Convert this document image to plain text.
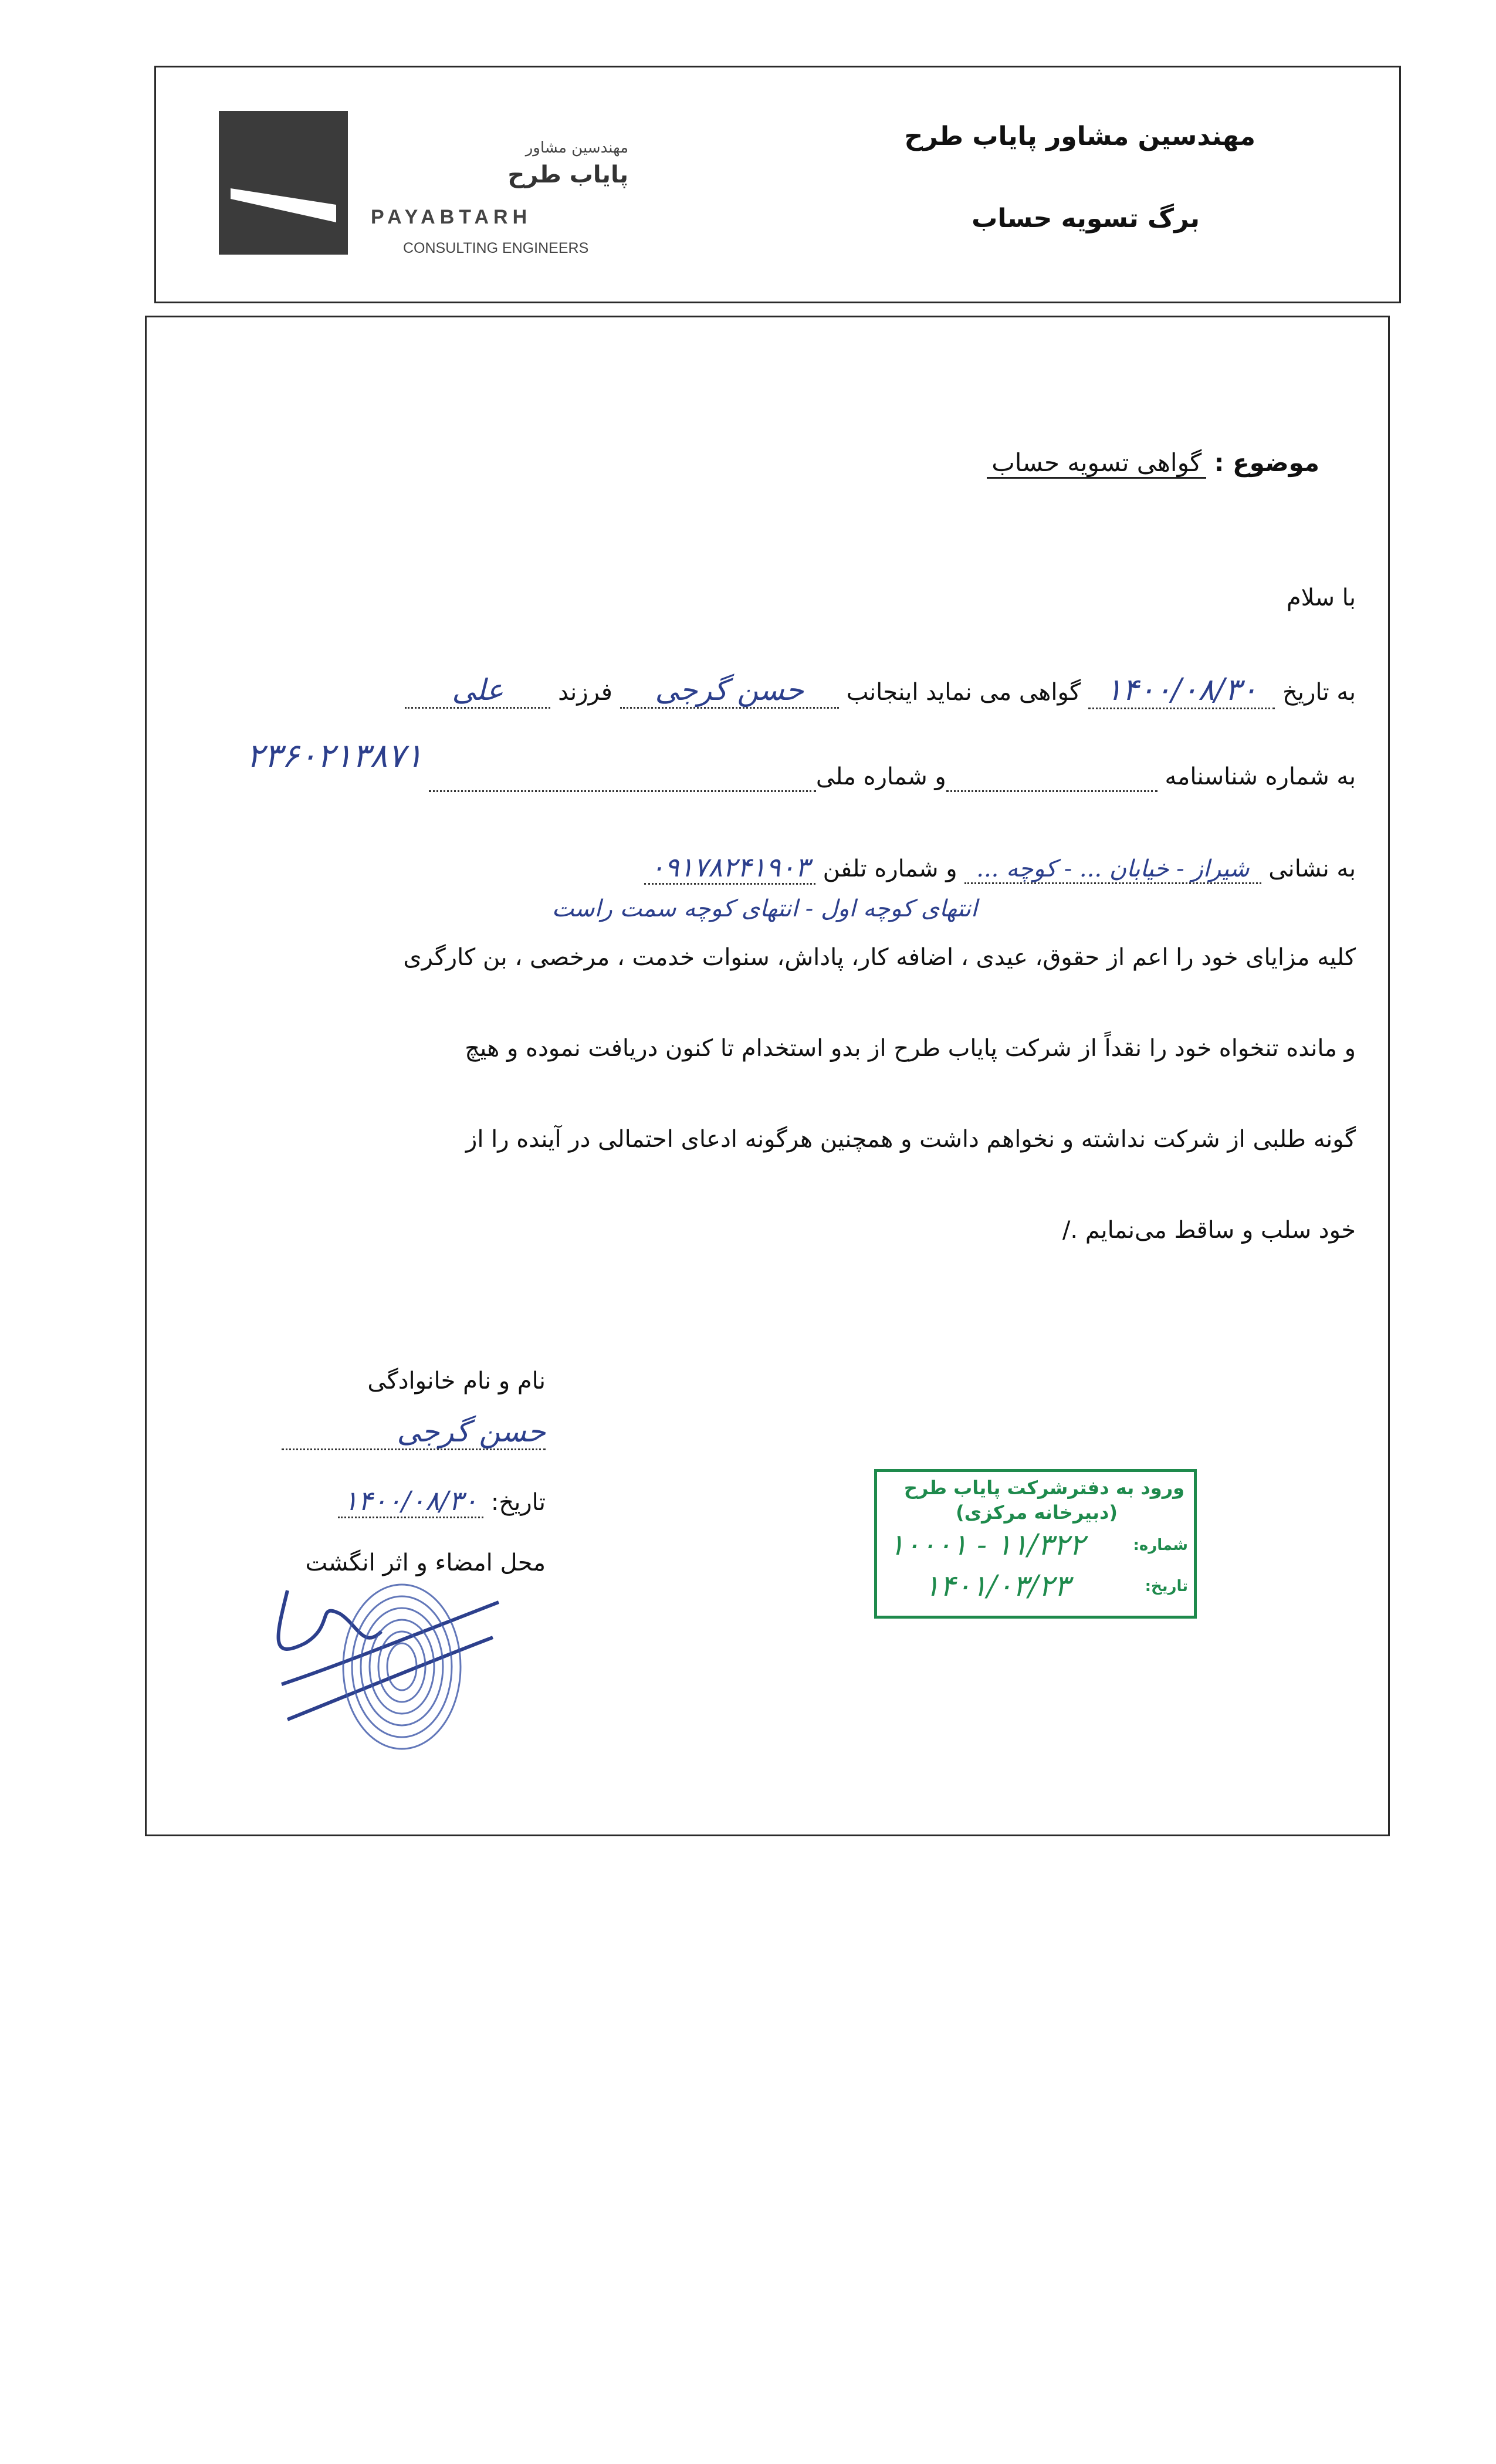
مهندسین مشاور
پایاب طرح
PAYABTARH
CONSULTING ENGINEERS
مهندسین مشاور پایاب طرح
برگ تسویه حساب
موضوع : گواهی تسویه حساب
با سلام
به تاریخ ۱۴۰۰/۰۸/۳۰ گواهی می نماید اینجانب حسن گرجی فرزند علی
۲۳۶۰۲۱۳۸۷۱
به شماره شناسنامه و شماره ملی
به نشانی شیراز - خیابان ... - کوچه ... و شماره تلفن ۰۹۱۷۸۲۴۱۹۰۳
انتهای کوچه اول - انتهای کوچه سمت راست
کلیه مزایای خود را اعم از حقوق، عیدی ، اضافه کار، پاداش، سنوات خدمت ، مرخصی ، بن کارگری
و مانده تنخواه خود را نقداً از شرکت پایاب طرح از بدو استخدام تا کنون دریافت نموده و هیچ
گونه طلبی از شرکت نداشته و نخواهم داشت و همچنین هرگونه ادعای احتمالی در آینده را از
خود سلب و ساقط می‌نمایم ./
نام و نام خانوادگی
حسن گرجی
تاریخ: ۱۴۰۰/۰۸/۳۰
محل امضاء و اثر انگشت
ورود به دفترشرکت پایاب طرح
(دبیرخانه مرکزی)
شماره:
۱۰۰۰۱ - ۱۱/۳۲۲
تاریخ:
۱۴۰۱/۰۳/۲۳
